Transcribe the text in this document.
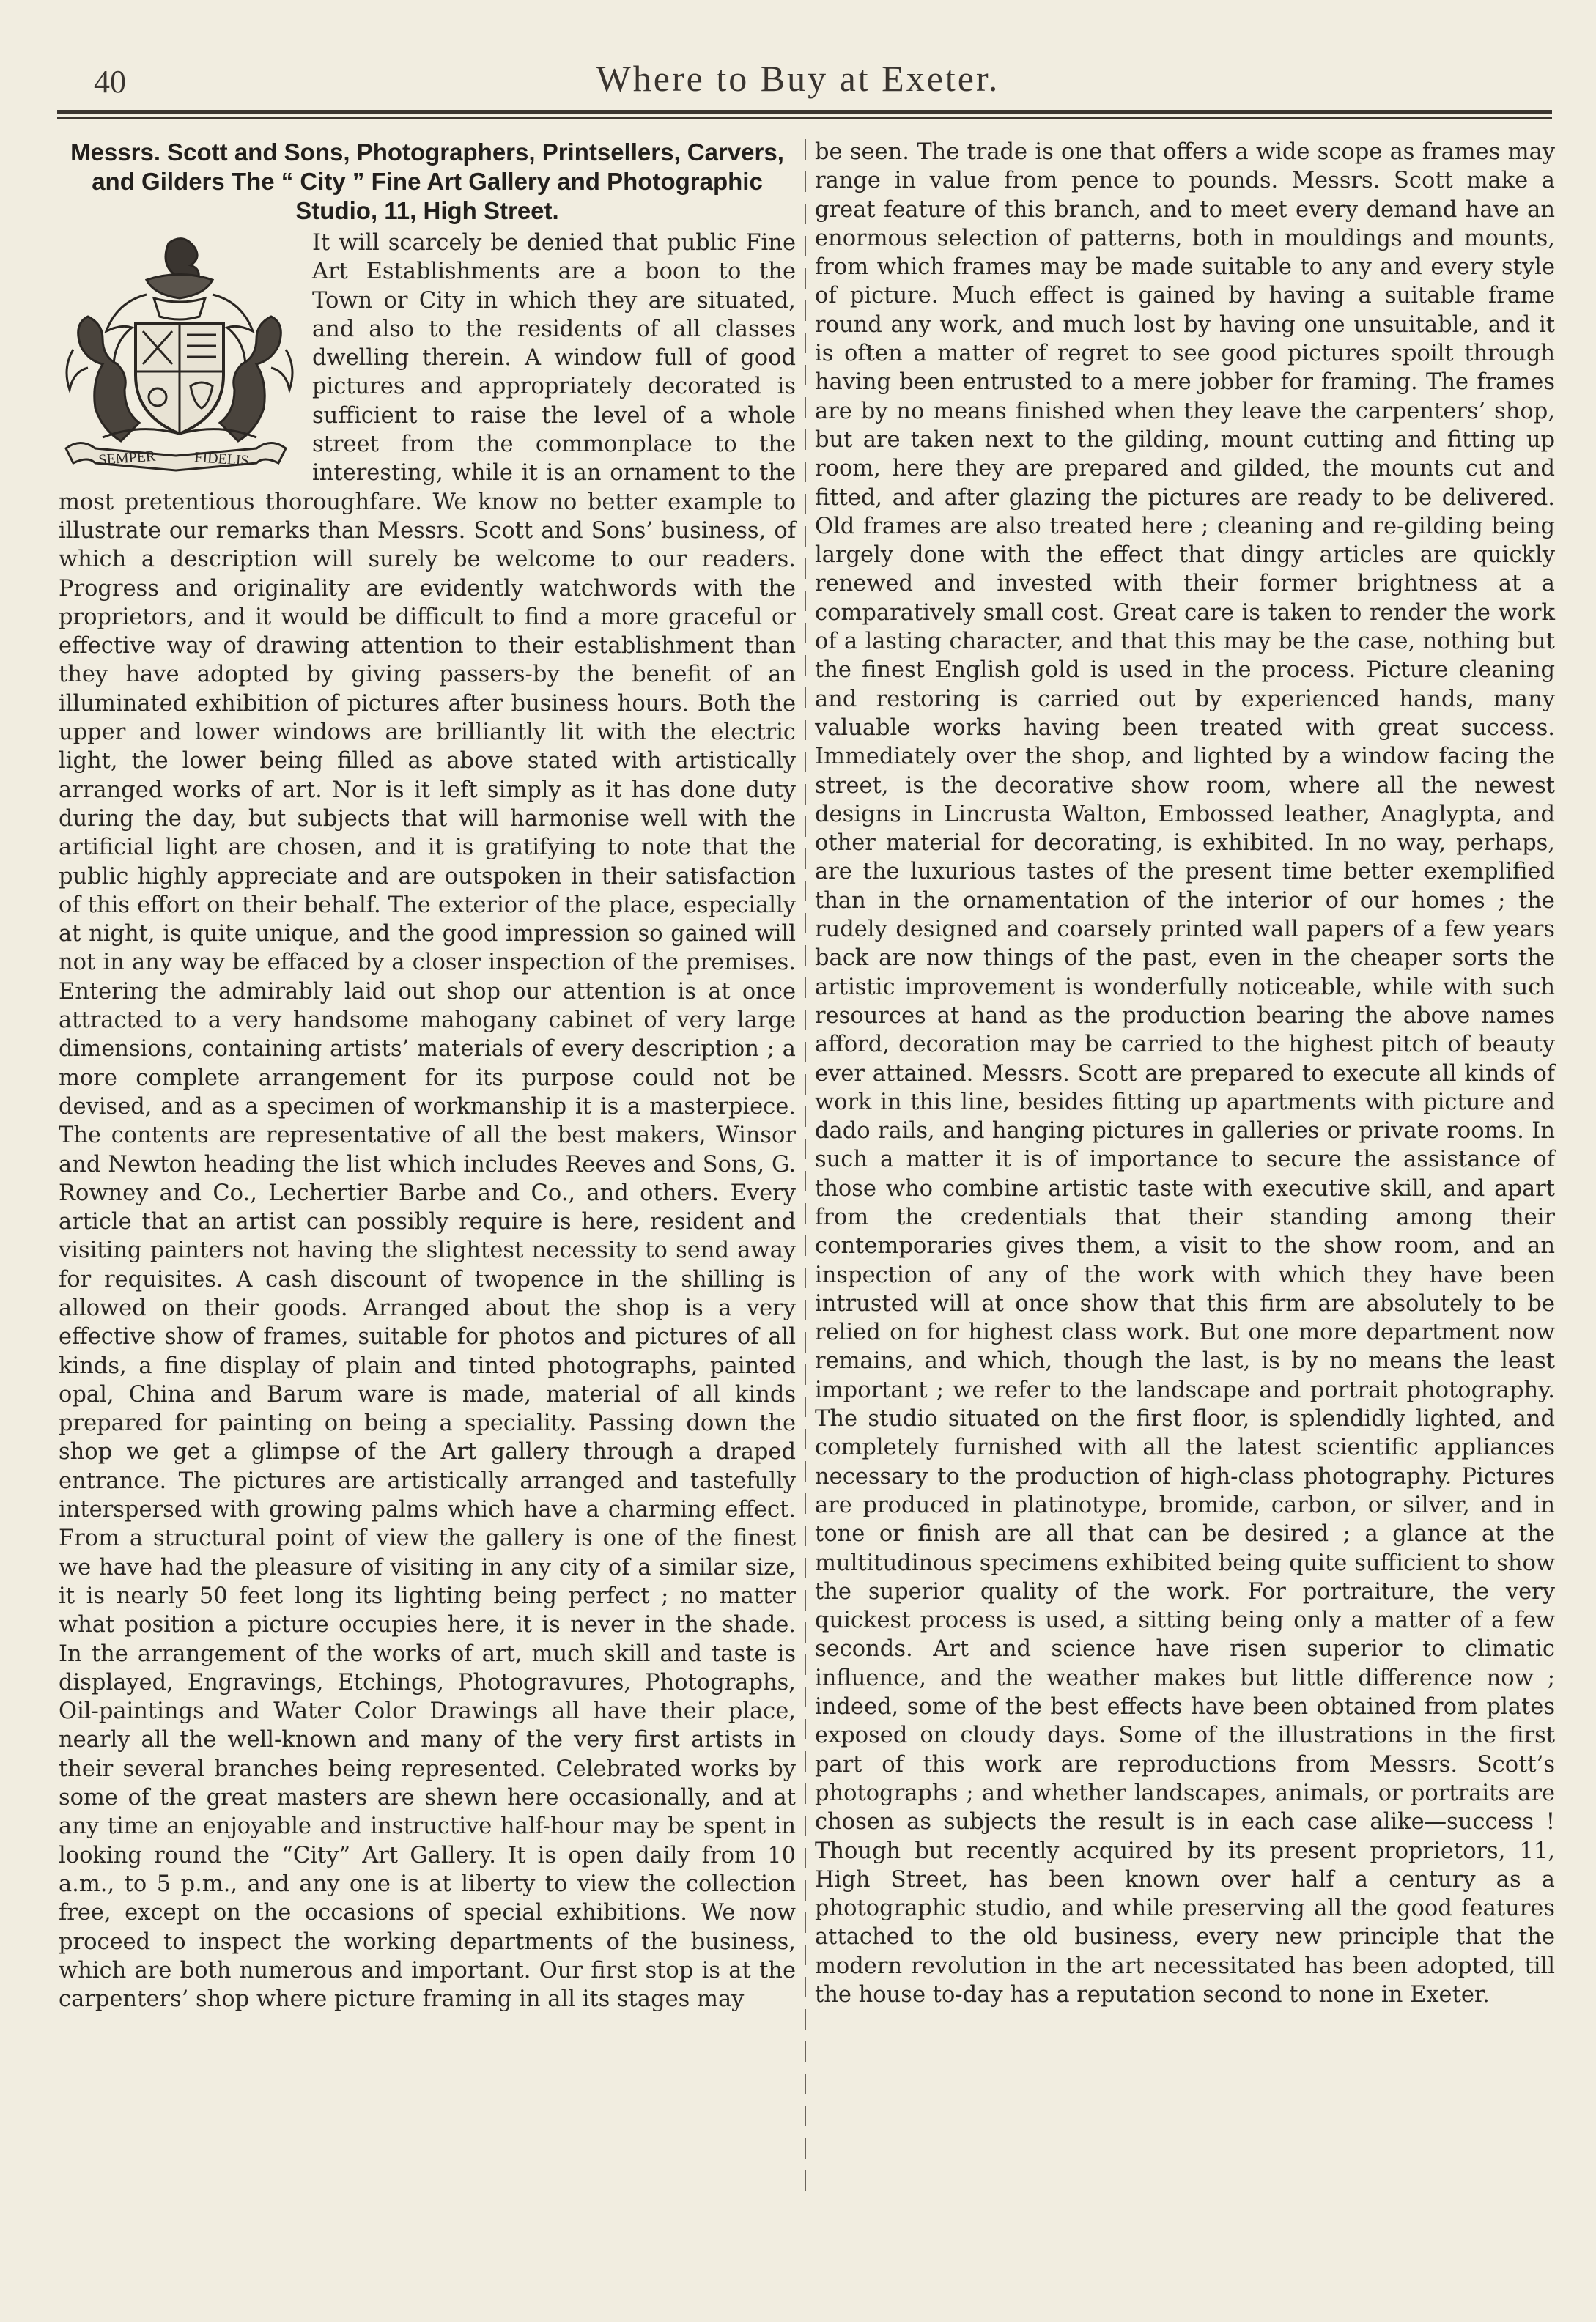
40	Where to Buy at Exeter.
Messrs. Scott and Sons, Photographers, Printsellers, Carvers, and Gilders The “ City ” Fine Art Gallery and Photographic Studio, 11, High Street.
SEMPER	FIDELIS

It will scarcely be denied that public Fine Art Establishments are a boon to the Town or City in which they are situated, and also to the residents of all classes dwelling therein. A window full of good pictures and appropriately decorated is sufficient to raise the level of a whole street from the commonplace to the interesting, while it is an ornament to the most pretentious thoroughfare. We know no better example to illustrate our remarks than Messrs. Scott and Sons’ business, of which a description will surely be welcome to our readers. Progress and originality are evidently watchwords with the proprietors, and it would be difficult to find a more graceful or effective way of drawing attention to their establishment than they have adopted by giving passers-by the benefit of an illuminated exhibition of pictures after business hours. Both the upper and lower windows are brilliantly lit with the electric light, the lower being filled as above stated with artistically arranged works of art. Nor is it left simply as it has done duty during the day, but subjects that will harmonise well with the artificial light are chosen, and it is gratifying to note that the public highly appreciate and are outspoken in their satisfaction of this effort on their behalf. The exterior of the place, especially at night, is quite unique, and the good impression so gained will not in any way be effaced by a closer inspection of the premises. Entering the admirably laid out shop our attention is at once attracted to a very handsome mahogany cabinet of very large dimensions, containing artists’ materials of every description ; a more complete arrangement for its purpose could not be devised, and as a specimen of workmanship it is a masterpiece. The contents are representative of all the best makers, Winsor and Newton heading the list which includes Reeves and Sons, G. Rowney and Co., Lechertier Barbe and Co., and others. Every article that an artist can possibly require is here, resident and visiting painters not having the slightest necessity to send away for requisites. A cash discount of twopence in the shilling is allowed on their goods. Arranged about the shop is a very effective show of frames, suitable for photos and pictures of all kinds, a fine display of plain and tinted photographs, painted opal, China and Barum ware is made, material of all kinds prepared for painting on being a speciality. Passing down the shop we get a glimpse of the Art gallery through a draped entrance. The pictures are artistically arranged and tastefully interspersed with growing palms which have a charming effect. From a structural point of view the gallery is one of the finest we have had the pleasure of visiting in any city of a similar size, it is nearly 50 feet long its lighting being perfect ; no matter what position a picture occupies here, it is never in the shade. In the arrangement of the works of art, much skill and taste is displayed, Engravings, Etchings, Photogravures, Photographs, Oil-paintings and Water Color Drawings all have their place, nearly all the well-known and many of the very first artists in their several branches being represented. Celebrated works by some of the great masters are shewn here occasionally, and at any time an enjoyable and instructive half-hour may be spent in looking round the “City” Art Gallery. It is open daily from 10 a.m., to 5 p.m., and any one is at liberty to view the collection free, except on the occasions of special exhibitions. We now proceed to inspect the working departments of the business, which are both numerous and important. Our first stop is at the carpenters’ shop where picture framing in all its stages may

be seen. The trade is one that offers a wide scope as frames may range in value from pence to pounds. Messrs. Scott make a great feature of this branch, and to meet every demand have an enormous selection of patterns, both in mouldings and mounts, from which frames may be made suitable to any and every style of picture. Much effect is gained by having a suitable frame round any work, and much lost by having one unsuitable, and it is often a matter of regret to see good pictures spoilt through having been entrusted to a mere jobber for framing. The frames are by no means finished when they leave the carpenters’ shop, but are taken next to the gilding, mount cutting and fitting up room, here they are prepared and gilded, the mounts cut and fitted, and after glazing the pictures are ready to be delivered. Old frames are also treated here ; cleaning and re-gilding being largely done with the effect that dingy articles are quickly renewed and invested with their former brightness at a comparatively small cost. Great care is taken to render the work of a lasting character, and that this may be the case, nothing but the finest English gold is used in the process. Picture cleaning and restoring is carried out by experienced hands, many valuable works having been treated with great success. Immediately over the shop, and lighted by a window facing the street, is the decorative show room, where all the newest designs in Lincrusta Walton, Embossed leather, Anaglypta, and other material for decorating, is exhibited. In no way, perhaps, are the luxurious tastes of the present time better exemplified than in the ornamentation of the interior of our homes ; the rudely designed and coarsely printed wall papers of a few years back are now things of the past, even in the cheaper sorts the artistic improvement is wonderfully noticeable, while with such resources at hand as the production bearing the above names afford, decoration may be carried to the highest pitch of beauty ever attained. Messrs. Scott are prepared to execute all kinds of work in this line, besides fitting up apartments with picture and dado rails, and hanging pictures in galleries or private rooms. In such a matter it is of importance to secure the assistance of those who combine artistic taste with executive skill, and apart from the credentials that their standing among their contemporaries gives them, a visit to the show room, and an inspection of any of the work with which they have been intrusted will at once show that this firm are absolutely to be relied on for highest class work. But one more department now remains, and which, though the last, is by no means the least important ; we refer to the landscape and portrait photography. The studio situated on the first floor, is splendidly lighted, and completely furnished with all the latest scientific appliances necessary to the production of high-class photography. Pictures are produced in platinotype, bromide, carbon, or silver, and in tone or finish are all that can be desired ; a glance at the multitudinous specimens exhibited being quite sufficient to show the superior quality of the work. For portraiture, the very quickest process is used, a sitting being only a matter of a few seconds. Art and science have risen superior to climatic influence, and the weather makes but little difference now ; indeed, some of the best effects have been obtained from plates exposed on cloudy days. Some of the illustrations in the first part of this work are reproductions from Messrs. Scott’s photographs ; and whether landscapes, animals, or portraits are chosen as subjects the result is in each case alike—success ! Though but recently acquired by its present proprietors, 11, High Street, has been known over half a century as a photographic studio, and while preserving all the good features attached to the old business, every new principle that the modern revolution in the art necessitated has been adopted, till the house to-day has a reputation second to none in Exeter.
